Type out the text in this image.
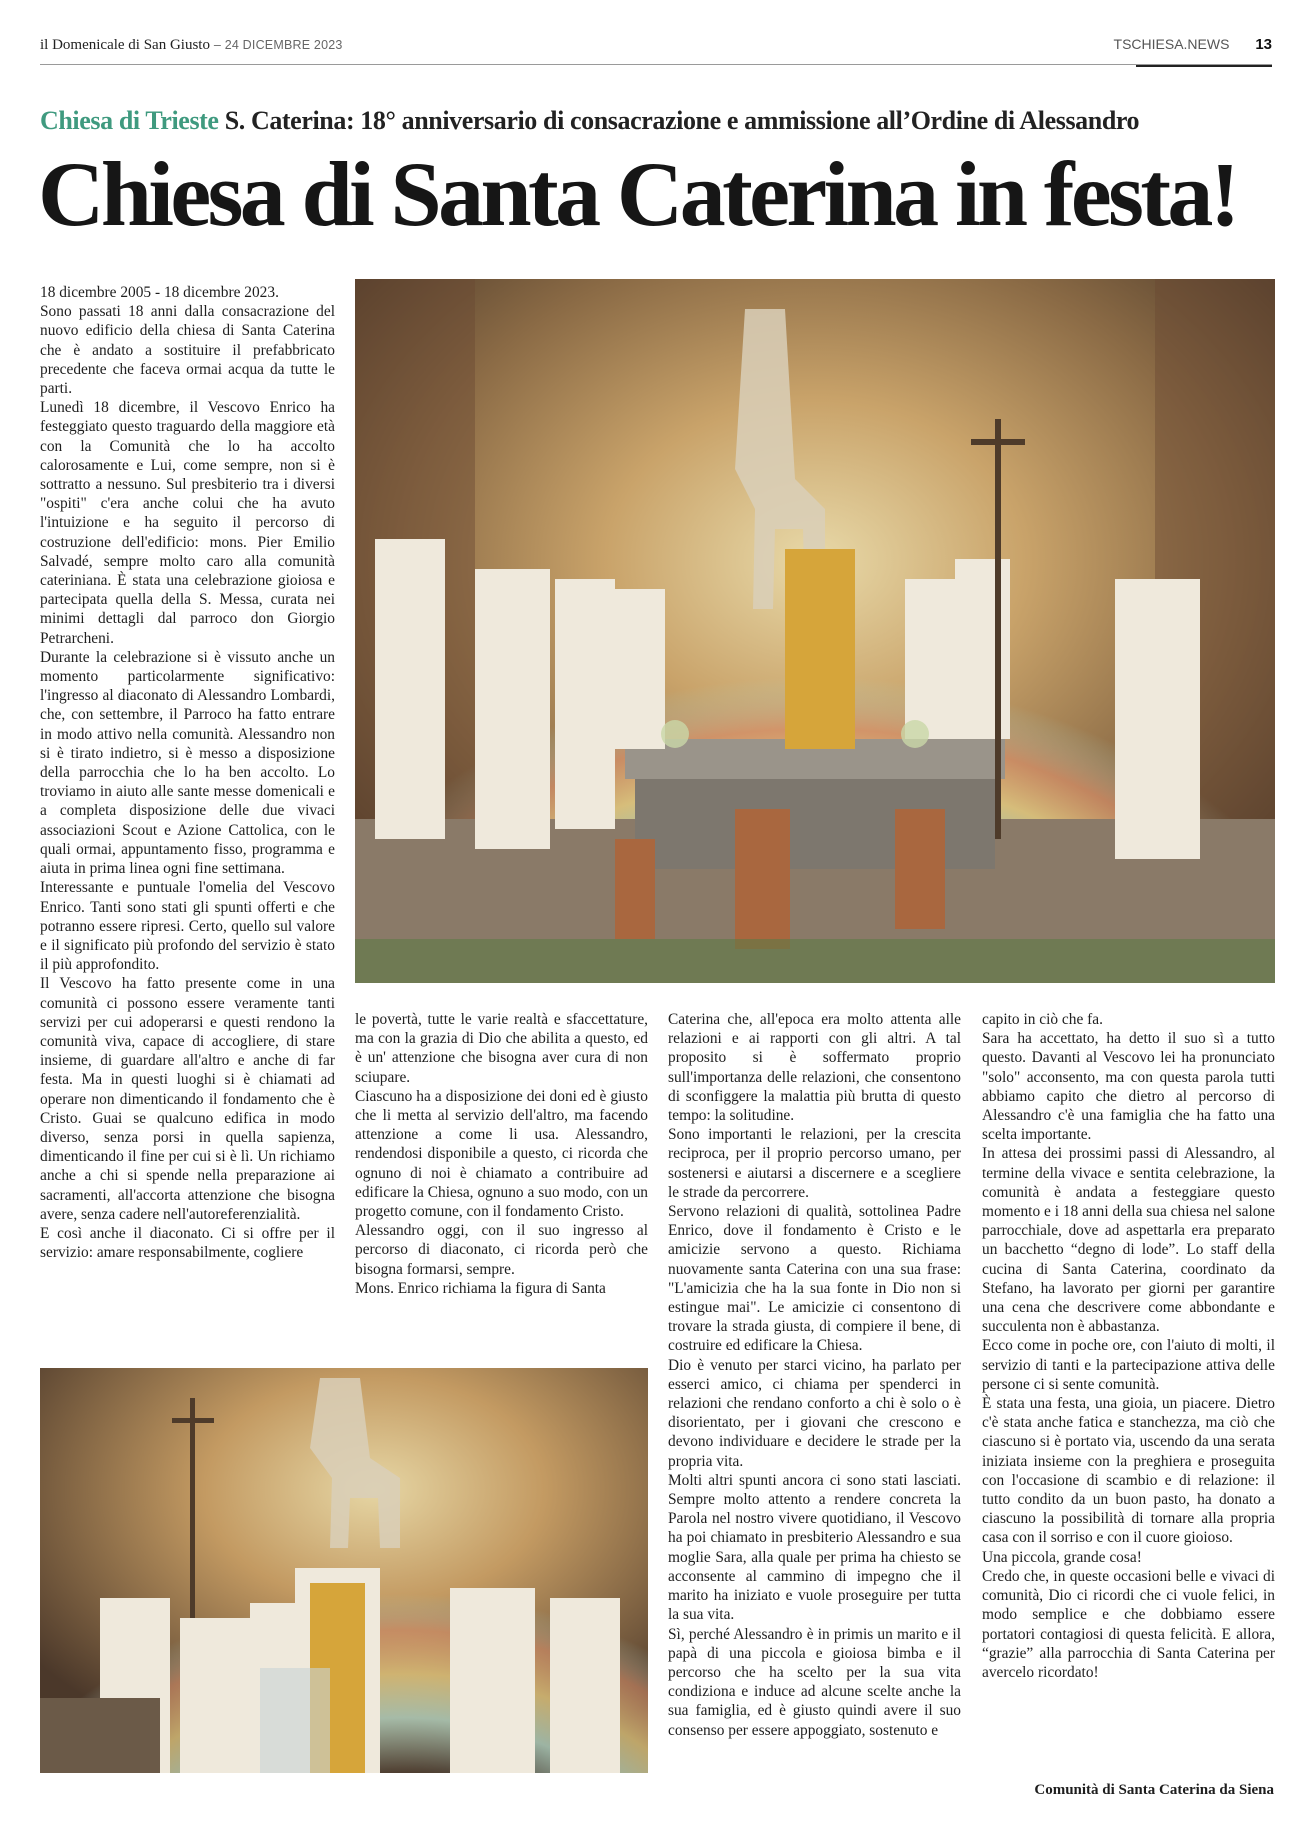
il Domenicale di San Giusto – 24 DICEMBRE 2023	TSCHIESA.NEWS 13
Chiesa di Trieste S. Caterina: 18° anniversario di consacrazione e ammissione all’Ordine di Alessandro
Chiesa di Santa Caterina in festa!

18 dicembre 2005 - 18 dicembre 2023.

Sono passati 18 anni dalla consacrazione del nuovo edificio della chiesa di Santa Caterina che è andato a sostituire il prefabbricato precedente che faceva ormai acqua da tutte le parti.

Lunedì 18 dicembre, il Vescovo Enrico ha festeggiato questo traguardo della maggiore età con la Comunità che lo ha accolto calorosamente e Lui, come sempre, non si è sottratto a nessuno. Sul presbiterio tra i diversi "ospiti" c'era anche colui che ha avuto l'intuizione e ha seguito il percorso di costruzione dell'edificio: mons. Pier Emilio Salvadé, sempre molto caro alla comunità cateriniana. È stata una celebrazione gioiosa e partecipata quella della S. Messa, curata nei minimi dettagli dal parroco don Giorgio Petrarcheni.

Durante la celebrazione si è vissuto anche un momento particolarmente significativo: l'ingresso al diaconato di Alessandro Lombardi, che, con settembre, il Parroco ha fatto entrare in modo attivo nella comunità. Alessandro non si è tirato indietro, si è messo a disposizione della parrocchia che lo ha ben accolto. Lo troviamo in aiuto alle sante messe domenicali e a completa disposizione delle due vivaci associazioni Scout e Azione Cattolica, con le quali ormai, appuntamento fisso, programma e aiuta in prima linea ogni fine settimana.

Interessante e puntuale l'omelia del Vescovo Enrico. Tanti sono stati gli spunti offerti e che potranno essere ripresi. Certo, quello sul valore e il significato più profondo del servizio è stato il più approfondito.

Il Vescovo ha fatto presente come in una comunità ci possono essere veramente tanti servizi per cui adoperarsi e questi rendono la comunità viva, capace di accogliere, di stare insieme, di guardare all'altro e anche di far festa. Ma in questi luoghi si è chiamati ad operare non dimenticando il fondamento che è Cristo. Guai se qualcuno edifica in modo diverso, senza porsi in quella sapienza, dimenticando il fine per cui si è lì. Un richiamo anche a chi si spende nella preparazione ai sacramenti, all'accorta attenzione che bisogna avere, senza cadere nell'autoreferenzialità.

E così anche il diaconato. Ci si offre per il servizio: amare responsabilmente, cogliere

le povertà, tutte le varie realtà e sfaccettature, ma con la grazia di Dio che abilita a questo, ed è un' attenzione che bisogna aver cura di non sciupare.

Ciascuno ha a disposizione dei doni ed è giusto che li metta al servizio dell'altro, ma facendo attenzione a come li usa. Alessandro, rendendosi disponibile a questo, ci ricorda che ognuno di noi è chiamato a contribuire ad edificare la Chiesa, ognuno a suo modo, con un progetto comune, con il fondamento Cristo.

Alessandro oggi, con il suo ingresso al percorso di diaconato, ci ricorda però che bisogna formarsi, sempre.

Mons. Enrico richiama la figura di Santa

Caterina che, all'epoca era molto attenta alle relazioni e ai rapporti con gli altri. A tal proposito si è soffermato proprio sull'importanza delle relazioni, che consentono di sconfiggere la malattia più brutta di questo tempo: la solitudine.

Sono importanti le relazioni, per la crescita reciproca, per il proprio percorso umano, per sostenersi e aiutarsi a discernere e a scegliere le strade da percorrere.

Servono relazioni di qualità, sottolinea Padre Enrico, dove il fondamento è Cristo e le amicizie servono a questo. Richiama nuovamente santa Caterina con una sua frase: "L'amicizia che ha la sua fonte in Dio non si estingue mai". Le amicizie ci consentono di trovare la strada giusta, di compiere il bene, di costruire ed edificare la Chiesa.

Dio è venuto per starci vicino, ha parlato per esserci amico, ci chiama per spenderci in relazioni che rendano conforto a chi è solo o è disorientato, per i giovani che crescono e devono individuare e decidere le strade per la propria vita.

Molti altri spunti ancora ci sono stati lasciati. Sempre molto attento a rendere concreta la Parola nel nostro vivere quotidiano, il Vescovo ha poi chiamato in presbiterio Alessandro e sua moglie Sara, alla quale per prima ha chiesto se acconsente al cammino di impegno che il marito ha iniziato e vuole proseguire per tutta la sua vita.

Sì, perché Alessandro è in primis un marito e il papà di una piccola e gioiosa bimba e il percorso che ha scelto per la sua vita condiziona e induce ad alcune scelte anche la sua famiglia, ed è giusto quindi avere il suo consenso per essere appoggiato, sostenuto e

capito in ciò che fa.

Sara ha accettato, ha detto il suo sì a tutto questo. Davanti al Vescovo lei ha pronunciato "solo" acconsento, ma con questa parola tutti abbiamo capito che dietro al percorso di Alessandro c'è una famiglia che ha fatto una scelta importante.

In attesa dei prossimi passi di Alessandro, al termine della vivace e sentita celebrazione, la comunità è andata a festeggiare questo momento e i 18 anni della sua chiesa nel salone parrocchiale, dove ad aspettarla era preparato un bacchetto “degno di lode”. Lo staff della cucina di Santa Caterina, coordinato da Stefano, ha lavorato per giorni per garantire una cena che descrivere come abbondante e succulenta non è abbastanza.

Ecco come in poche ore, con l'aiuto di molti, il servizio di tanti e la partecipazione attiva delle persone ci si sente comunità.

È stata una festa, una gioia, un piacere. Dietro c'è stata anche fatica e stanchezza, ma ciò che ciascuno si è portato via, uscendo da una serata iniziata insieme con la preghiera e proseguita con l'occasione di scambio e di relazione: il tutto condito da un buon pasto, ha donato a ciascuno la possibilità di tornare alla propria casa con il sorriso e con il cuore gioioso.

Una piccola, grande cosa!

Credo che, in queste occasioni belle e vivaci di comunità, Dio ci ricordi che ci vuole felici, in modo semplice e che dobbiamo essere portatori contagiosi di questa felicità. E allora, “grazie” alla parrocchia di Santa Caterina per avercelo ricordato!

Comunità di Santa Caterina da Siena
